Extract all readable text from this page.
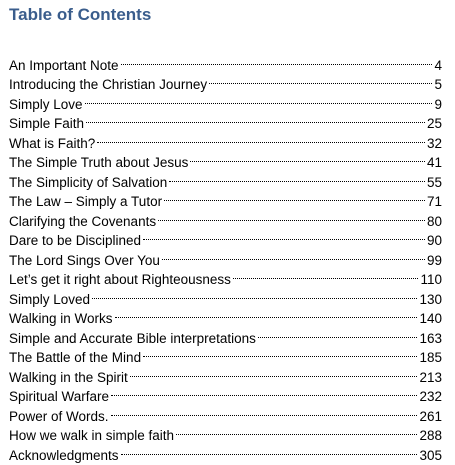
Table of Contents
An Important Note	4
Introducing the Christian Journey	5
Simply Love	9
Simple Faith	25
What is Faith?	32
The Simple Truth about Jesus	41
The Simplicity of Salvation	55
The Law – Simply a Tutor	71
Clarifying the Covenants	80
Dare to be Disciplined	90
The Lord Sings Over You	99
Let’s get it right about Righteousness	110
Simply Loved	130
Walking in Works	140
Simple and Accurate Bible interpretations	163
The Battle of the Mind	185
Walking in the Spirit	213
Spiritual Warfare	232
Power of Words.	261
How we walk in simple faith	288
Acknowledgments	305
